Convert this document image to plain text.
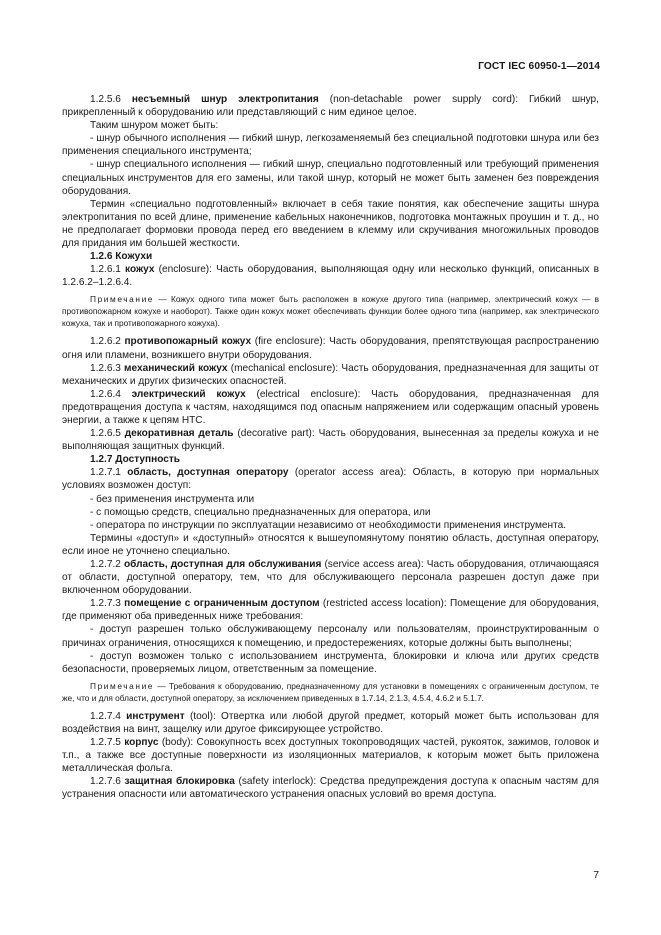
ГОСТ IEC 60950-1—2014

1.2.5.6 несъемный шнур электропитания (non-detachable power supply cord): Гибкий шнур, прикрепленный к оборудованию или представляющий с ним единое целое.

Таким шнуром может быть:

- шнур обычного исполнения — гибкий шнур, легкозаменяемый без специальной подготовки шнура или без применения специального инструмента;

- шнур специального исполнения — гибкий шнур, специально подготовленный или требующий применения специальных инструментов для его замены, или такой шнур, который не может быть заменен без повреждения оборудования.

Термин «специально подготовленный» включает в себя такие понятия, как обеспечение защиты шнура электропитания по всей длине, применение кабельных наконечников, подготовка монтажных проушин и т. д., но не предполагает формовки провода перед его введением в клемму или скручивания многожильных проводов для придания им большей жесткости.

1.2.6 Кожухи

1.2.6.1 кожух (enclosure): Часть оборудования, выполняющая одну или несколько функций, описанных в 1.2.6.2–1.2.6.4.

Примечание — Кожух одного типа может быть расположен в кожухе другого типа (например, электрический кожух — в противопожарном кожухе и наоборот). Также один кожух может обеспечивать функции более одного типа (например, как электрического кожуха, так и противопожарного кожуха).

1.2.6.2 противопожарный кожух (fire enclosure): Часть оборудования, препятствующая распространению огня или пламени, возникшего внутри оборудования.

1.2.6.3 механический кожух (mechanical enclosure): Часть оборудования, предназначенная для защиты от механических и других физических опасностей.

1.2.6.4 электрический кожух (electrical enclosure): Часть оборудования, предназначенная для предотвращения доступа к частям, находящимся под опасным напряжением или содержащим опасный уровень энергии, а также к цепям НТС.

1.2.6.5 декоративная деталь (decorative part): Часть оборудования, вынесенная за пределы кожуха и не выполняющая защитных функций.

1.2.7 Доступность

1.2.7.1 область, доступная оператору (operator access area): Область, в которую при нормальных условиях возможен доступ:

- без применения инструмента или

- с помощью средств, специально предназначенных для оператора, или

- оператора по инструкции по эксплуатации независимо от необходимости применения инструмента.

Термины «доступ» и «доступный» относятся к вышеупомянутому понятию область, доступная оператору, если иное не уточнено специально.

1.2.7.2 область, доступная для обслуживания (service access area): Часть оборудования, отличающаяся от области, доступной оператору, тем, что для обслуживающего персонала разрешен доступ даже при включенном оборудовании.

1.2.7.3 помещение с ограниченным доступом (restricted access location): Помещение для оборудования, где применяют оба приведенных ниже требования:

- доступ разрешен только обслуживающему персоналу или пользователям, проинструктированным о причинах ограничения, относящихся к помещению, и предостережениях, которые должны быть выполнены;

- доступ возможен только с использованием инструмента, блокировки и ключа или других средств безопасности, проверяемых лицом, ответственным за помещение.

Примечание — Требования к оборудованию, предназначенному для установки в помещениях с ограниченным доступом, те же, что и для области, доступной оператору, за исключением приведенных в 1.7.14, 2.1.3, 4.5.4, 4.6.2 и 5.1.7.

1.2.7.4 инструмент (tool): Отвертка или любой другой предмет, который может быть использован для воздействия на винт, защелку или другое фиксирующее устройство.

1.2.7.5 корпус (body): Совокупность всех доступных токопроводящих частей, рукояток, зажимов, головок и т.п., а также все доступные поверхности из изоляционных материалов, к которым может быть приложена металлическая фольга.

1.2.7.6 защитная блокировка (safety interlock): Средства предупреждения доступа к опасным частям для устранения опасности или автоматического устранения опасных условий во время доступа.

7
